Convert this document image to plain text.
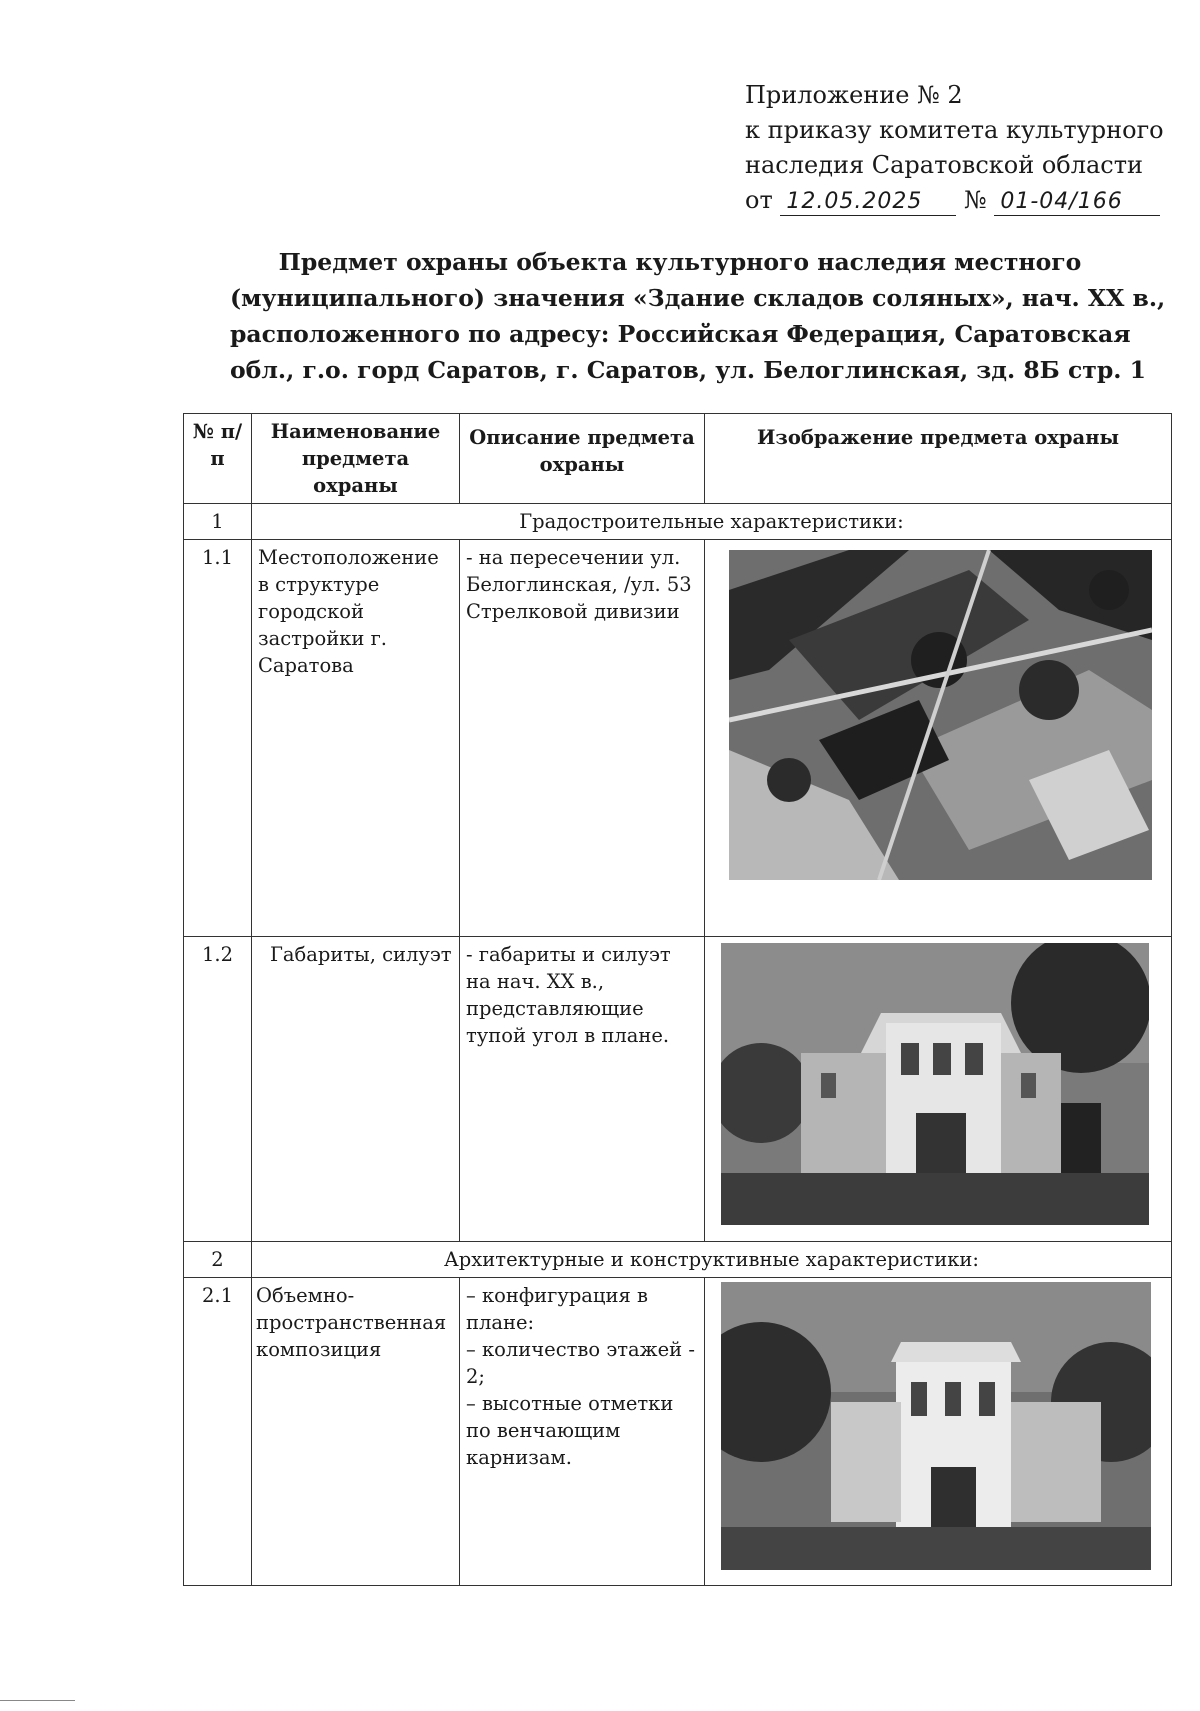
Приложение № 2
к приказу комитета культурного
наследия Саратовской области
от 12.05.2025 № 01-04/166
Предмет охраны объекта культурного наследия местного
(муниципального) значения «Здание складов соляных», нач. XX в.,
расположенного по адресу: Российская Федерация, Саратовская
обл., г.о. горд Саратов, г. Саратов, ул. Белоглинская, зд. 8Б стр. 1
№ п/п	Наименование предмета охраны	Описание предмета охраны	Изображение предмета охраны
1	Градостроительные характеристики:		
1.1	Местоположение в структуре городской застройки г. Саратова	- на пересечении ул. Белоглинская, /ул. 53 Стрелковой дивизии	

1.2	Габариты, силуэт	- габариты и силуэт на нач. XX в., представляющие тупой угол в плане.	

2	Архитектурные и конструктивные характеристики:		
2.1	Объемно-пространственная композиция	– конфигурация в плане:
– количество этажей - 2;
– высотные отметки по венчающим карнизам.
